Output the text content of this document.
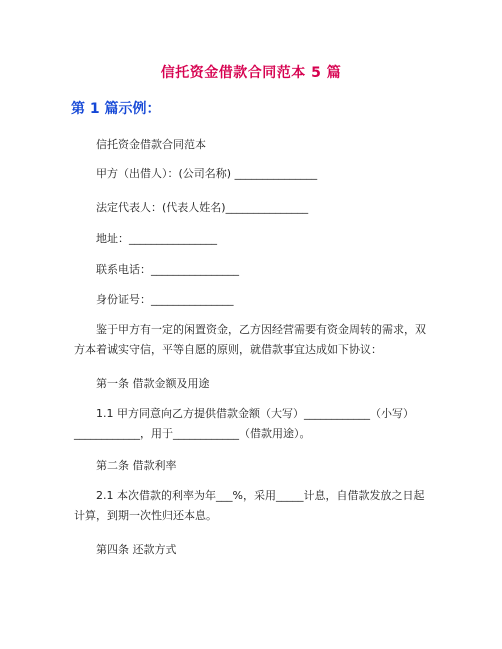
信托资金借款合同范本 5 篇
第 1 篇示例：

信托资金借款合同范本

甲方（出借人）：(公司名称) _______________

法定代表人：(代表人姓名)_______________

地址：________________

联系电话：________________

身份证号：_______________

鉴于甲方有一定的闲置资金，乙方因经营需要有资金周转的需求，双方本着诚实守信，平等自愿的原则，就借款事宜达成如下协议：

第一条 借款金额及用途

1.1 甲方同意向乙方提供借款金额（大写）____________（小写）____________，用于____________（借款用途）。

第二条 借款利率

2.1 本次借款的利率为年___%，采用_____计息，自借款发放之日起计算，到期一次性归还本息。

第四条 还款方式
